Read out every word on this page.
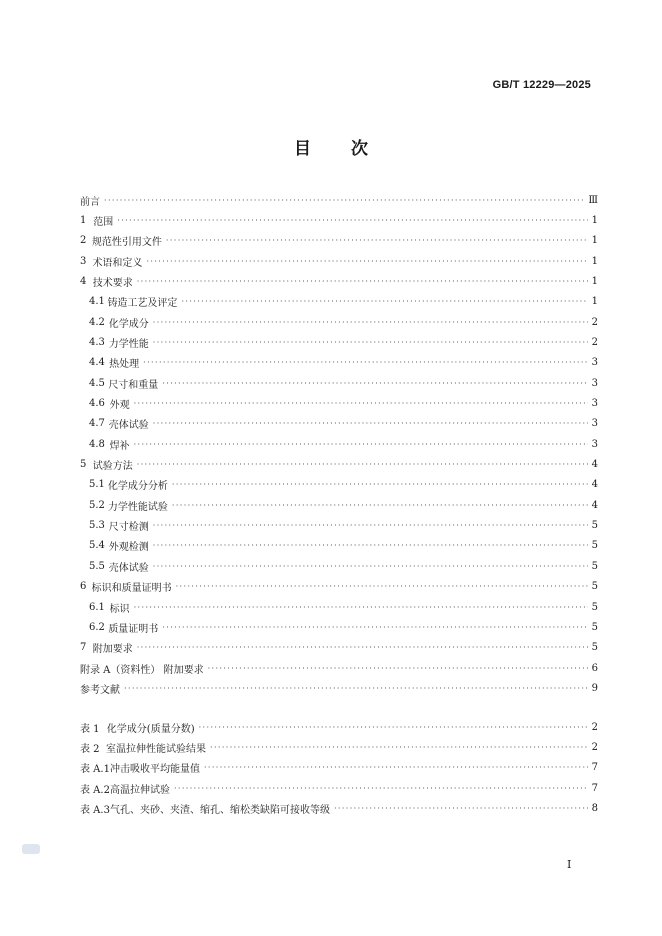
GB/T 12229—2025
目 次
前言 ·····	Ⅲ
1 范围 ·····	1
2 规范性引用文件 ·····	1
3 术语和定义 ·····	1
4 技术要求 ·····	1
4.1 铸造工艺及评定 ·····	1
4.2 化学成分 ·····	2
4.3 力学性能 ·····	2
4.4 热处理 ·····	3
4.5 尺寸和重量 ·····	3
4.6 外观 ·····	3
4.7 壳体试验 ·····	3
4.8 焊补 ·····	3
5 试验方法 ·····	4
5.1 化学成分分析 ·····	4
5.2 力学性能试验 ·····	4
5.3 尺寸检测 ·····	5
5.4 外观检测 ·····	5
5.5 壳体试验 ·····	5
6 标识和质量证明书 ·····	5
6.1 标识 ·····	5
6.2 质量证明书 ·····	5
7 附加要求 ·····	5
附录 A（资料性） 附加要求 ·····	6
参考文献 ·····	9
表 1 化学成分(质量分数) ·····	2
表 2 室温拉伸性能试验结果 ·····	2
表 A.1 冲击吸收平均能量值 ·····	7
表 A.2 高温拉伸试验 ·····	7
表 A.3 气孔、夹砂、夹渣、缩孔、缩松类缺陷可接收等级 ·····	8
Ⅰ
